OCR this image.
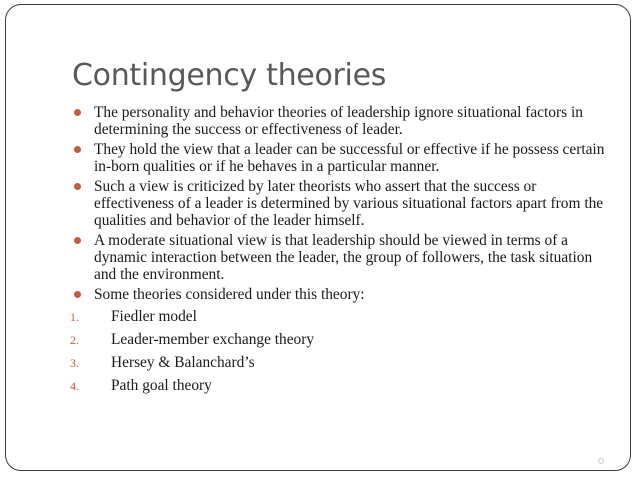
Contingency theories
The personality and behavior theories of leadership ignore situational factors in determining the success or effectiveness of leader.
They hold the view that a leader can be successful or effective if he possess certain in-born qualities or if he behaves in a particular manner.
Such a view is criticized by later theorists who assert that the success or effectiveness of a leader is determined by various situational factors apart from the qualities and behavior of the leader himself.
A moderate situational view is that leadership should be viewed in terms of a dynamic interaction between the leader, the group of followers, the task situation and the environment.
Some theories considered under this theory:
1. Fiedler model
2. Leader-member exchange theory
3. Hersey & Balanchard’s
4. Path goal theory
